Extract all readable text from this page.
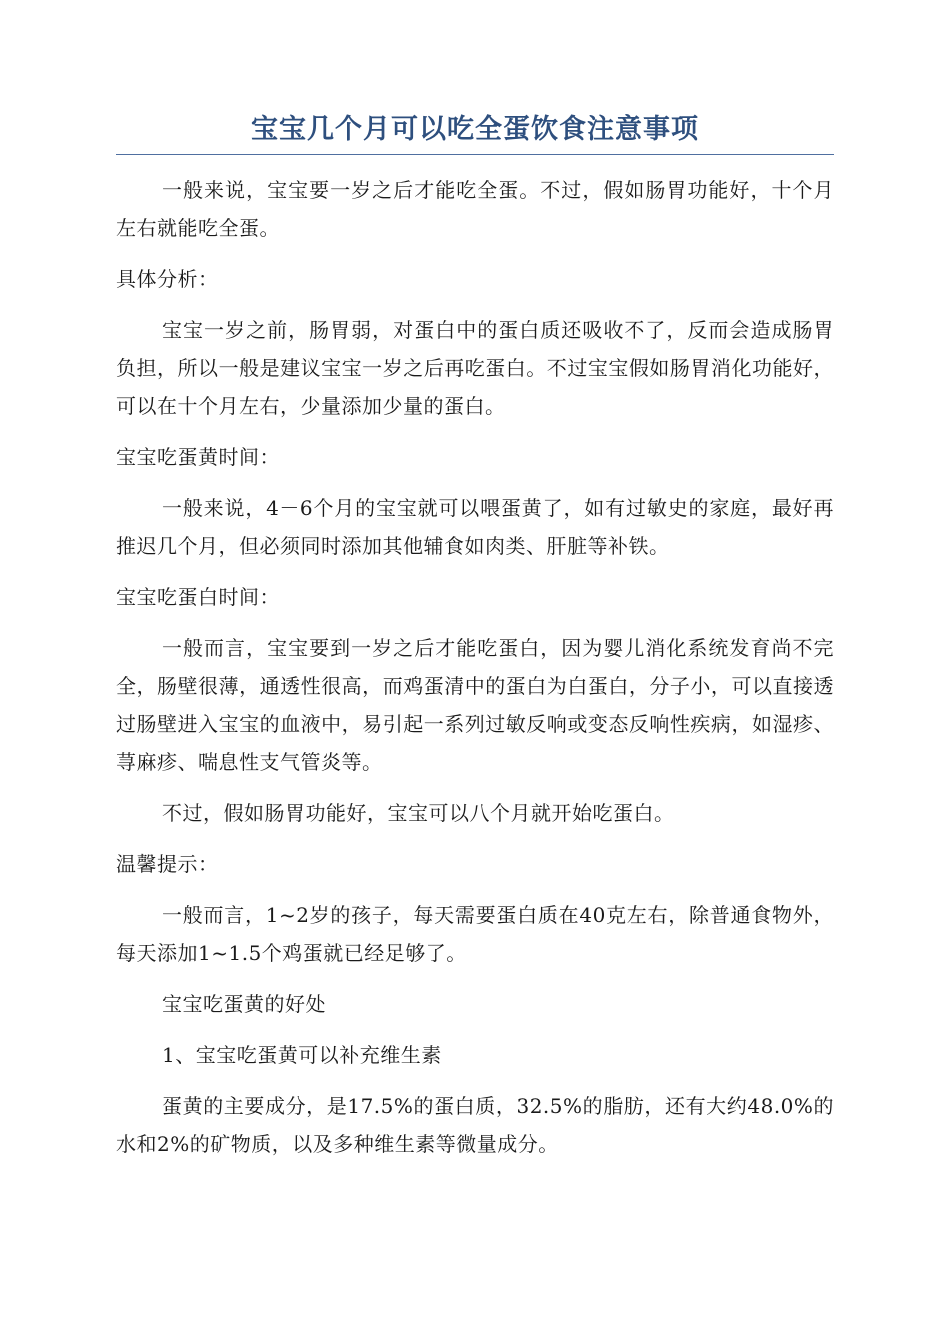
宝宝几个月可以吃全蛋饮食注意事项

一般来说，宝宝要一岁之后才能吃全蛋。不过，假如肠胃功能好，十个月左右就能吃全蛋。

具体分析：

宝宝一岁之前，肠胃弱，对蛋白中的蛋白质还吸收不了，反而会造成肠胃负担，所以一般是建议宝宝一岁之后再吃蛋白。不过宝宝假如肠胃消化功能好，可以在十个月左右，少量添加少量的蛋白。

宝宝吃蛋黄时间：

一般来说，4－6个月的宝宝就可以喂蛋黄了，如有过敏史的家庭，最好再推迟几个月，但必须同时添加其他辅食如肉类、肝脏等补铁。

宝宝吃蛋白时间：

一般而言，宝宝要到一岁之后才能吃蛋白，因为婴儿消化系统发育尚不完全，肠壁很薄，通透性很高，而鸡蛋清中的蛋白为白蛋白，分子小，可以直接透过肠壁进入宝宝的血液中，易引起一系列过敏反响或变态反响性疾病，如湿疹、荨麻疹、喘息性支气管炎等。

不过，假如肠胃功能好，宝宝可以八个月就开始吃蛋白。

温馨提示：

一般而言，1~2岁的孩子，每天需要蛋白质在40克左右，除普通食物外，每天添加1~1.5个鸡蛋就已经足够了。

宝宝吃蛋黄的好处

1、宝宝吃蛋黄可以补充维生素

蛋黄的主要成分，是17.5%的蛋白质，32.5%的脂肪，还有大约48.0%的水和2%的矿物质，以及多种维生素等微量成分。
